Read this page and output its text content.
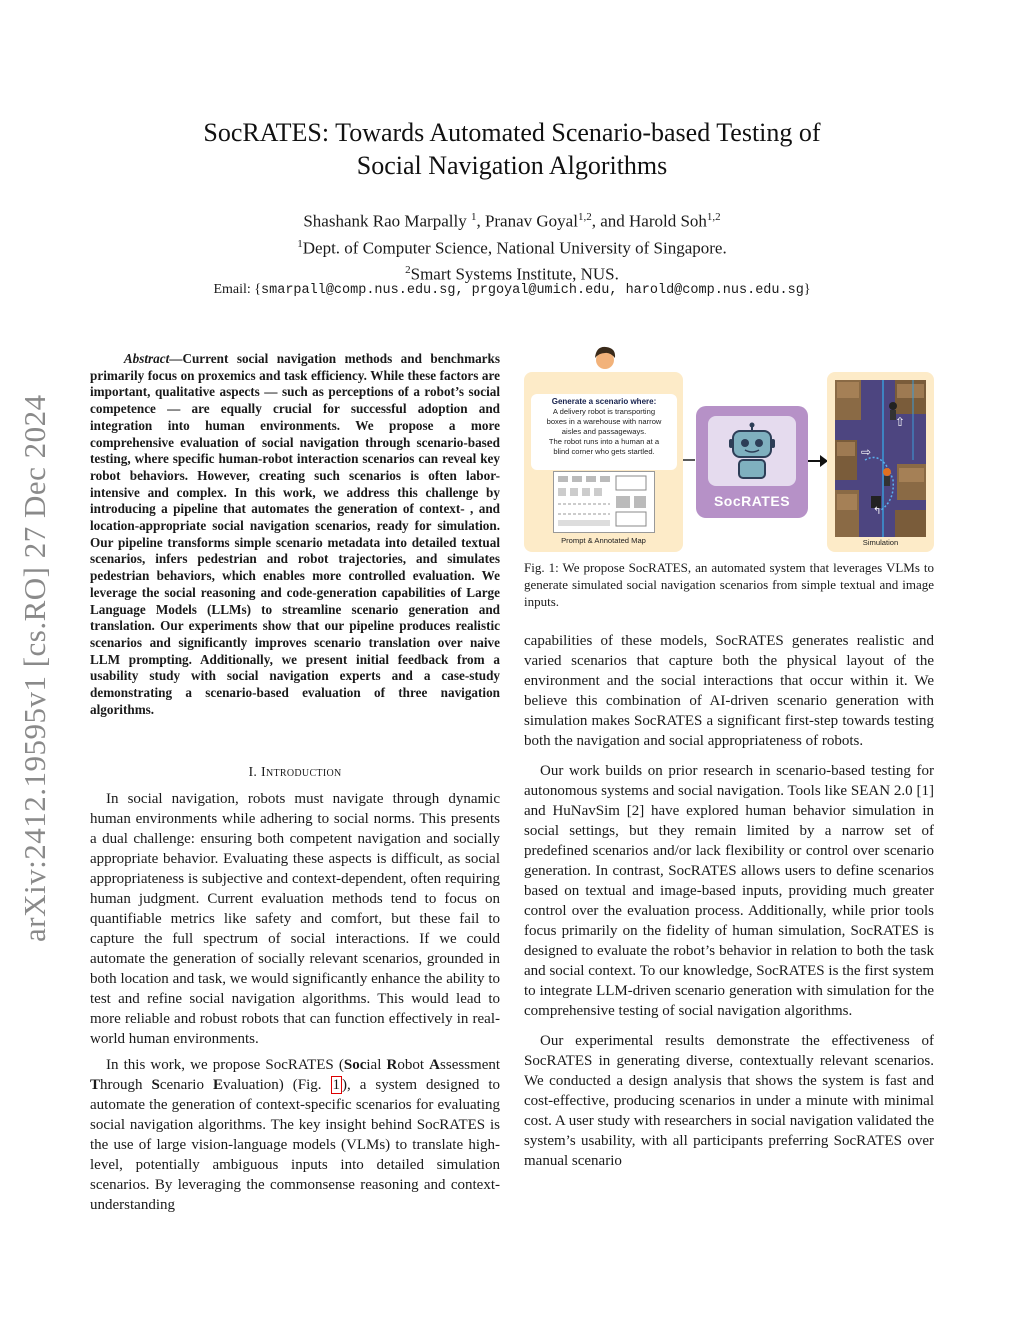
arXiv:2412.19595v1 [cs.RO] 27 Dec 2024
SocRATES: Towards Automated Scenario-based Testing of
Social Navigation Algorithms
Shashank Rao Marpally $^1$, Pranav Goyal$^{1,2}$, and Harold Soh$^{1,2}$
$^1$Dept. of Computer Science, National University of Singapore.
$^2$Smart Systems Institute, NUS.
Email: {smarpall@comp.nus.edu.sg, prgoyal@umich.edu, harold@comp.nus.edu.sg}
Abstract—Current social navigation methods and benchmarks primarily focus on proxemics and task efficiency. While these factors are important, qualitative aspects — such as perceptions of a robot’s social competence — are equally crucial for successful adoption and integration into human environments. We propose a more comprehensive evaluation of social navigation through scenario-based testing, where specific human-robot interaction scenarios can reveal key robot behaviors. However, creating such scenarios is often labor-intensive and complex. In this work, we address this challenge by introducing a pipeline that automates the generation of context- , and location-appropriate social navigation scenarios, ready for simulation. Our pipeline transforms simple scenario metadata into detailed textual scenarios, infers pedestrian and robot trajectories, and simulates pedestrian behaviors, which enables more controlled evaluation. We leverage the social reasoning and code-generation capabilities of Large Language Models (LLMs) to streamline scenario generation and translation. Our experiments show that our pipeline produces realistic scenarios and significantly improves scenario translation over naive LLM prompting. Additionally, we present initial feedback from a usability study with social navigation experts and a case-study demonstrating a scenario-based evaluation of three navigation algorithms.
I. Introduction

In social navigation, robots must navigate through dynamic human environments while adhering to social norms. This presents a dual challenge: ensuring both competent navigation and socially appropriate behavior. Evaluating these aspects is difficult, as social appropriateness is subjective and context-dependent, often requiring human judgment. Current evaluation methods tend to focus on quantifiable metrics like safety and comfort, but these fail to capture the full spectrum of social interactions. If we could automate the generation of socially relevant scenarios, grounded in both location and task, we would significantly enhance the ability to test and refine social navigation algorithms. This would lead to more reliable and robust robots that can function effectively in real-world human environments.

In this work, we propose SocRATES (Social Robot Assessment Through Scenario Evaluation) (Fig. 1 ), a system designed to automate the generation of context-specific scenarios for evaluating social navigation algorithms. The key insight behind SocRATES is the use of large vision-language models (VLMs) to translate high-level, potentially ambiguous inputs into detailed simulation scenarios. By leveraging the commonsense reasoning and context-understanding

Generate a scenario where:
A delivery robot is transporting
boxes in a warehouse with narrow
aisles and passageways.
The robot runs into a human at a
blind corner who gets startled.
Prompt & Annotated Map
SocRATES
⇧
⇨
↰
Simulation
Fig. 1: We propose SocRATES, an automated system that leverages VLMs to generate simulated social navigation scenarios from simple textual and image inputs.

capabilities of these models, SocRATES generates realistic and varied scenarios that capture both the physical layout of the environment and the social interactions that occur within it. We believe this combination of AI-driven scenario generation with simulation makes SocRATES a significant first-step towards testing both the navigation and social appropriateness of robots.

Our work builds on prior research in scenario-based testing for autonomous systems and social navigation. Tools like SEAN 2.0 [1] and HuNavSim [2] have explored human behavior simulation in social settings, but they remain limited by a narrow set of predefined scenarios and/or lack flexibility or control over scenario generation. In contrast, SocRATES allows users to define scenarios based on textual and image-based inputs, providing much greater control over the evaluation process. Additionally, while prior tools focus primarily on the fidelity of human simulation, SocRATES is designed to evaluate the robot’s behavior in relation to both the task and social context. To our knowledge, SocRATES is the first system to integrate LLM-driven scenario generation with simulation for the comprehensive testing of social navigation algorithms.

Our experimental results demonstrate the effectiveness of SocRATES in generating diverse, contextually relevant scenarios. We conducted a design analysis that shows the system is fast and cost-effective, producing scenarios in under a minute with minimal cost. A user study with researchers in social navigation validated the system’s usability, with all participants preferring SocRATES over manual scenario
